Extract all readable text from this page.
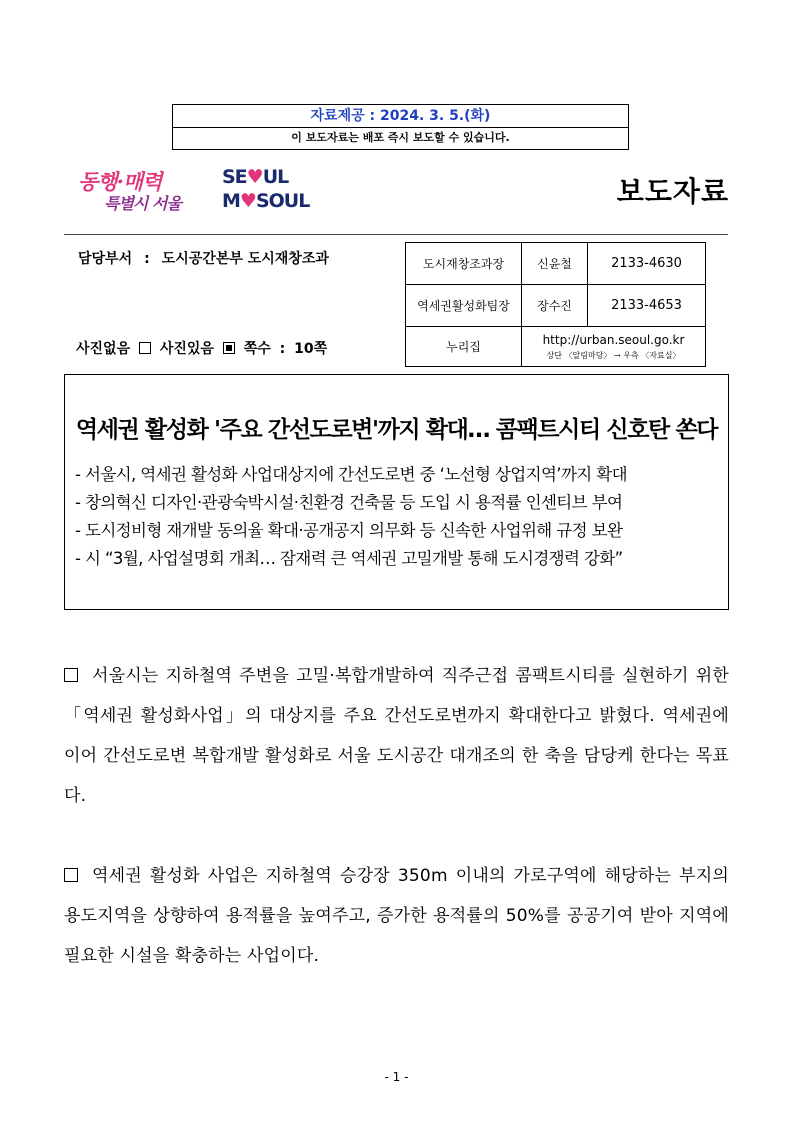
자료제공 : 2024. 3. 5.(화)
이 보도자료는 배포 즉시 보도할 수 있습니다.
동행·매력
특별시 서울
SE♥UL
M♥SOUL	보도자료
담당부서 : 도시공간본부 도시재창조과
사진없음 사진있음 쪽수 : 10쪽
도시재창조과장	신윤철	2133-4630
역세권활성화팀장	장수진	2133-4653
누리집	http://urban.seoul.go.kr
상단 〈알림마당〉 → 우측 〈자료실〉	
역세권 활성화 '주요 간선도로변'까지 확대… 콤팩트시티 신호탄 쏜다
- 서울시, 역세권 활성화 사업대상지에 간선도로변 중 ‘노선형 상업지역’까지 확대
- 창의혁신 디자인·관광숙박시설·친환경 건축물 등 도입 시 용적률 인센티브 부여
- 도시정비형 재개발 동의율 확대·공개공지 의무화 등 신속한 사업위해 규정 보완
- 시 “3월, 사업설명회 개최… 잠재력 큰 역세권 고밀개발 통해 도시경쟁력 강화”
서울시는 지하철역 주변을 고밀·복합개발하여 직주근접 콤팩트시티를 실현하기 위한 「역세권 활성화사업」의 대상지를 주요 간선도로변까지 확대한다고 밝혔다. 역세권에 이어 간선도로변 복합개발 활성화로 서울 도시공간 대개조의 한 축을 담당케 한다는 목표다.
역세권 활성화 사업은 지하철역 승강장 350m 이내의 가로구역에 해당하는 부지의 용도지역을 상향하여 용적률을 높여주고, 증가한 용적률의 50%를 공공기여 받아 지역에 필요한 시설을 확충하는 사업이다.
- 1 -
